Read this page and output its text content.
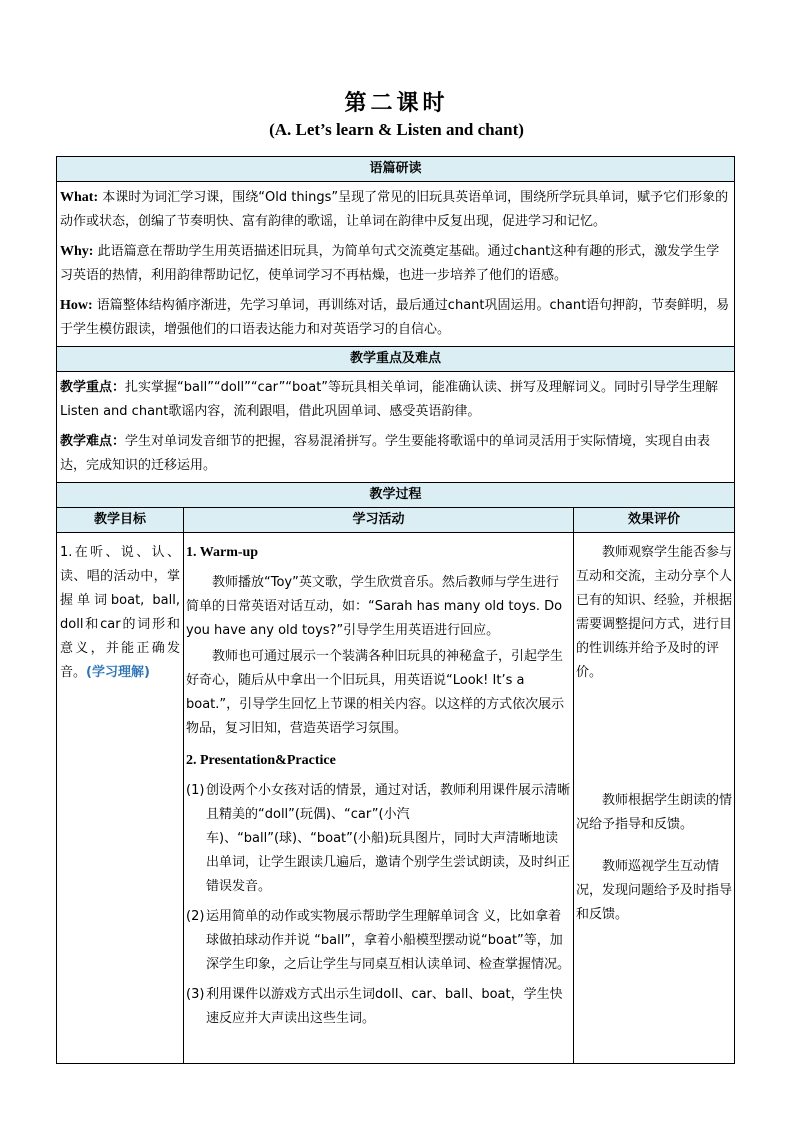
第二课时
(A. Let’s learn & Listen and chant)
语篇研读

What: 本课时为词汇学习课，围绕“Old things”呈现了常见的旧玩具英语单词，围绕所学玩具单词，赋予它们形象的动作或状态，创编了节奏明快、富有韵律的歌谣，让单词在韵律中反复出现，促进学习和记忆。

Why: 此语篇意在帮助学生用英语描述旧玩具，为简单句式交流奠定基础。通过chant这种有趣的形式，激发学生学习英语的热情，利用韵律帮助记忆，使单词学习不再枯燥，也进一步培养了他们的语感。

How: 语篇整体结构循序渐进，先学习单词，再训练对话，最后通过chant巩固运用。chant语句押韵，节奏鲜明，易于学生模仿跟读，增强他们的口语表达能力和对英语学习的自信心。

教学重点及难点

教学重点：扎实掌握“ball”“doll”“car”“boat”等玩具相关单词，能准确认读、拼写及理解词义。同时引导学生理解Listen and chant歌谣内容，流利跟唱，借此巩固单词、感受英语韵律。

教学难点：学生对单词发音细节的把握，容易混淆拼写。学生要能将歌谣中的单词灵活用于实际情境，实现自由表达，完成知识的迁移运用。

教学过程
教学目标	学习活动	效果评价
1.在听、说、认、读、唱的活动中，掌握单词boat, ball, doll和car的词形和意义，并能正确发音。(学习理解)
1. Warm-up

教师播放“Toy”英文歌，学生欣赏音乐。然后教师与学生进行简单的日常英语对话互动，如：“Sarah has many old toys. Do you have any old toys?”引导学生用英语进行回应。

教师也可通过展示一个装满各种旧玩具的神秘盒子，引起学生好奇心，随后从中拿出一个旧玩具，用英语说“Look! It’s a boat.”，引导学生回忆上节课的相关内容。以这样的方式依次展示物品，复习旧知，营造英语学习氛围。

2. Presentation&Practice
(1) 创设两个小女孩对话的情景，通过对话，教师利用课件展示清晰且精美的“doll”(玩偶)、“car”(小汽车)、“ball”(球)、“boat”(小船)玩具图片，同时大声清晰地读出单词，让学生跟读几遍后，邀请个别学生尝试朗读，及时纠正错误发音。
(2) 运用简单的动作或实物展示帮助学生理解单词含 义，比如拿着球做拍球动作并说 “ball”，拿着小船模型摆动说“boat”等，加深学生印象，之后让学生与同桌互相认读单词、检查掌握情况。
(3) 利用课件以游戏方式出示生词doll、car、ball、boat，学生快速反应并大声读出这些生词。

教师观察学生能否参与互动和交流，主动分享个人已有的知识、经验，并根据需要调整提问方式，进行目的性训练并给予及时的评价。

教师根据学生朗读的情况给予指导和反馈。

教师巡视学生互动情况，发现问题给予及时指导和反馈。
